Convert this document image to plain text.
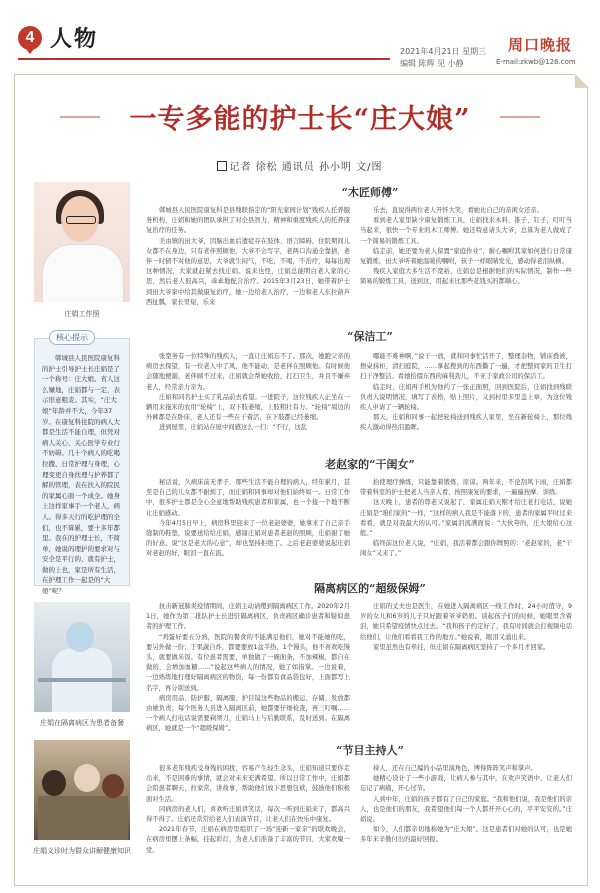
4 人物	2021年4月21日 星期三
编辑 陈辉 见 小静
周口晚报
E-mail:zkwb@126.com
一专多能的护士长“庄大娘”
记者 徐松 通讯员 孙小明 文/图
庄娟工作照
核心提示
郸城县人民医院康复科的护士引导护士长庄娟是了一个称号：庄大娘。省人这么嫌地，庄娟都与一定，表示形意粗麦。其实，“庄大娘”年龄并不大，今年37岁。在康复科住院的病人大都是生活不能自理，但凭对病人关心、关心医学专业行不妨碍。几十个病人的吃喝拉撒、日常护理与身理，心理变更自身扶理与护养都了解的管理，表在扶入的院民的家属心面一个成全。她身上这样家事手一个老人，病人。得多天行的吃护理的全们，也不算累，要十多年都里。我在的护理士长，不简单，她说的理护的要求对与安全是平行的、就有护士，做的上也，家是所有生活，在护理工作一起是的“大娘”呢？
庄娟在隔离病区为患者备餐
庄娟义诊时为群众讲解健康知识
“木匠师傅”

郸城县人民医院康复科是县残联指定的“阳光家园计划”残疾人托养服务机构，庄娟和她的团队承担了对全县智力、精神和重度残疾人的托养康复治疗的任务。

美由镇的田大爷，因脑出血后遗症存在肢体、语言障碍，住院期间儿女都不在身边，只有老伴照顾他，大爷不会写字，老两口沟通全靠猜，老伴一时猜不对他的意思，大爷就生闷气，不吃，不喝，不治疗，每每出现这种情况，大家就赶紧去找庄娟。说来也怪，庄娟总能明白老人家的心思，然后老人很高兴，乖乖地配合治疗。2015年3月23日，她带着护士到田大爷家中给其做康复治疗，她一边给老人治疗，一边和老人东拉葫芦西扯瓢，家长里短，乐来

乐去，直说得两位老人开怀大笑，看她比自己的亲闺女还亲。

看到老人家里缺少康复锻炼工具，庄娟找来木料、锥子、钉子，叮叮当当起来，很快一个专业的木工师傅。她还特意请头大爷，总算为老人做成了一个简易的锻炼工具。

临走前，她还要为老人留置“家庭作业”，耐心嘱咐其家如何进行日常康复锻炼，田大爷听着她温暖的嘱咐，孩子一样眼睛发光，感动得老泪纵横。

残疾人家庭大多生活不宽裕，庄娟总是根据他们的实际情况，制作一些简易的锻炼工具，送到这，用起来比那些花钱买的都顺心。

“保洁工”

张宽务有一位特殊的残疾人，一直让庄娟忘不了。那次，她跑父亲的病房去探望，有一位老人中了风，他不能动，是老伴在照顾他。有时候他会随地便溺，老伴顾不过来，庄娟就会帮她收拾，打扫卫生，并且不嫌弃老人，经常亲力亲为。

庄娟和同名护士买了乳品前去看望。一进院子，这位残疾人正坐在一辆用来拖米的农用“轮椅”上，双下肢萎缩，上肢粗壮有力。“轮椅”周边的外裤都是在卧床，老人还有一些在干着活，在下肢都已经萎缩。

进到屋里，庄娟站在屋中间感这么一扫：“不行，这乱

哪能不难神啊，”说干一放，就和同事忙活开了，整理杂物，铺床叠被，擦桌抹柜，清扫庭院，……拿起搜到的东西撕了一遍，才把整间家的卫生打扫干净整洁。看她拾掇东西的麻利劲儿，不亚于家政公司的保洁工。

临走时，庄娟再手机为他约了一张正面照，回到医院后，庄娟找到残联负责人说明情况，填写了表格，贴上照片，又到村里多里盖上章，为这位残疾人申请了一辆轮椅。

那天，庄娟和同事一起把轮椅送到残疾人家里，坐在新轮椅上，那位残疾人激动得热泪盈眶。

老赵家的“干闺女”

秘话说，久病床前无孝子，那些生活不能自理的病人，经年累月，甚至是自己的儿女都不耐烦了，而庄娟和同事却对他们始终如一。日常工作中，很多护士都是全心全意地帮助残疾患者和家属，也一个接一个地不断让庄娟感动。

今年4月5日早上，病房科里迎来了一位老赵婆婆，她拿来了自己亲手缝制的鞋垫，说要送给给庄娟，感谢庄娟对患者老赵的照顾，庄娟谢了她的好意，说“这是老大的心意”，却也坚持拒绝了。之后老赵婆婆说起庄娟对老赵的好，眼泪一直在流。

抬使理疗操练，只能靠着锻炼，原谅。两年来，不论刮风下雨，庄娟都带着科室的护士把老人当亲人看，按照康复的要求，一遍遍按摩、训练。

这天晚上，患者的尊老又说起了，家属庄娟天刚才给庄老打电话，说她庄娟是“咱们家的”一样，“这样的病人我是不能落下的，患者的家属平时过来看看，就是对我最大的认可。”家属泪流满面说：“大伙夸的，庄大娘给心这般。”

临终前这位老人说，“庄娟，我活着都会跟你牌照的：‘老赵家的，老“干闺女”又来了。”

隔离病区的“超级保姆”

抗击新冠肺炎疫情期间，庄娟主动请缨到隔离病区工作。2020年2月1日，她作为第二批队护士长进驻隔离病区，负责病区确诊患者和疑似患者的护理工作。

“鸡蛋好要五分熟，医院的餐食的不能满足他们，她对不能她的吃，要另外做一份；于果蔬自炸，都要要放1盆半热，1个馒头，他不喜欢吃馒头，就要做米饭。有位患者需要，单独做了一碗面条，不加辣椒，都自在做的，会增加血糖……”说起这些病人的情况，她了如指掌。一边说着，一边熟练地打理好隔离病区的物资，每一份都有食品袋包好，上面都写上名字，再分别送到。

病房用品、防护服、隔离服、护目镜这些物品的搬运、存储、发放都由她负责；每个医务人员进入隔离区前，她都要仔细检查，再三叮嘱……一个病人打电话说需要剃须刀，庄娟马上与后勤联系，及时送到。在隔离病区，她就是一个“超级保姆”。

庄娟的丈夫也是医生，在她进入隔离病区一线工作时，24小时值守，9岁的女儿和6岁的儿子只好跟着爷爷奶奶。谈起孩子们的时候，她眼里含着泪，她只希望疫情快点过去。“我和孩子约定好了，我有时间就会打视频电话给他们，让他们看看我工作的地方。”她说着，眼泪又涌出来。

家里虽然也有牵挂，但庄娟在隔离病区坚持了一个多月才回家。

“节目主持人”

很多老年残疾受身残的困扰，容易产生轻生念头，庄娟知道只要你走出来，不是困难的事情，就会对未来充满希望。所以日常工作中，庄娟都会陪患者聊天，拉家常，讲故事，帮助他们放下思想包袱，鼓励他们积极面对生活。

同病房的老人们，喜欢听庄娟讲笑话，每次一听到庄娟来了，都高兴得不得了。庄娟还常常给老人们表演节目，让老人们在快乐中康复。

2021年春节，庄娟在病房里组织了一场“迎新一家亲”的联欢晚会，在病房里摆上条幅，挂起彩灯，为老人们准备了丰富的节目，大家欢聚一堂。

持人，还在自己编的小品里演角色，博得阵阵笑声和掌声。

她精心设计了一些小游戏，让病人参与其中，在欢声笑语中，让老人们忘记了病痛，开心过节。

人到中年，庄娟的孩子都有了自己的家庭。“我和他们说，我是他们的亲人，也是他们的朋友，我希望他们每一个人都开开心心的，平平安安的。”庄娟说。

如今，人们都亲切地称她为“庄大娘”。这是患者们对她的认可，也是她多年来辛勤付出的最好回报。
